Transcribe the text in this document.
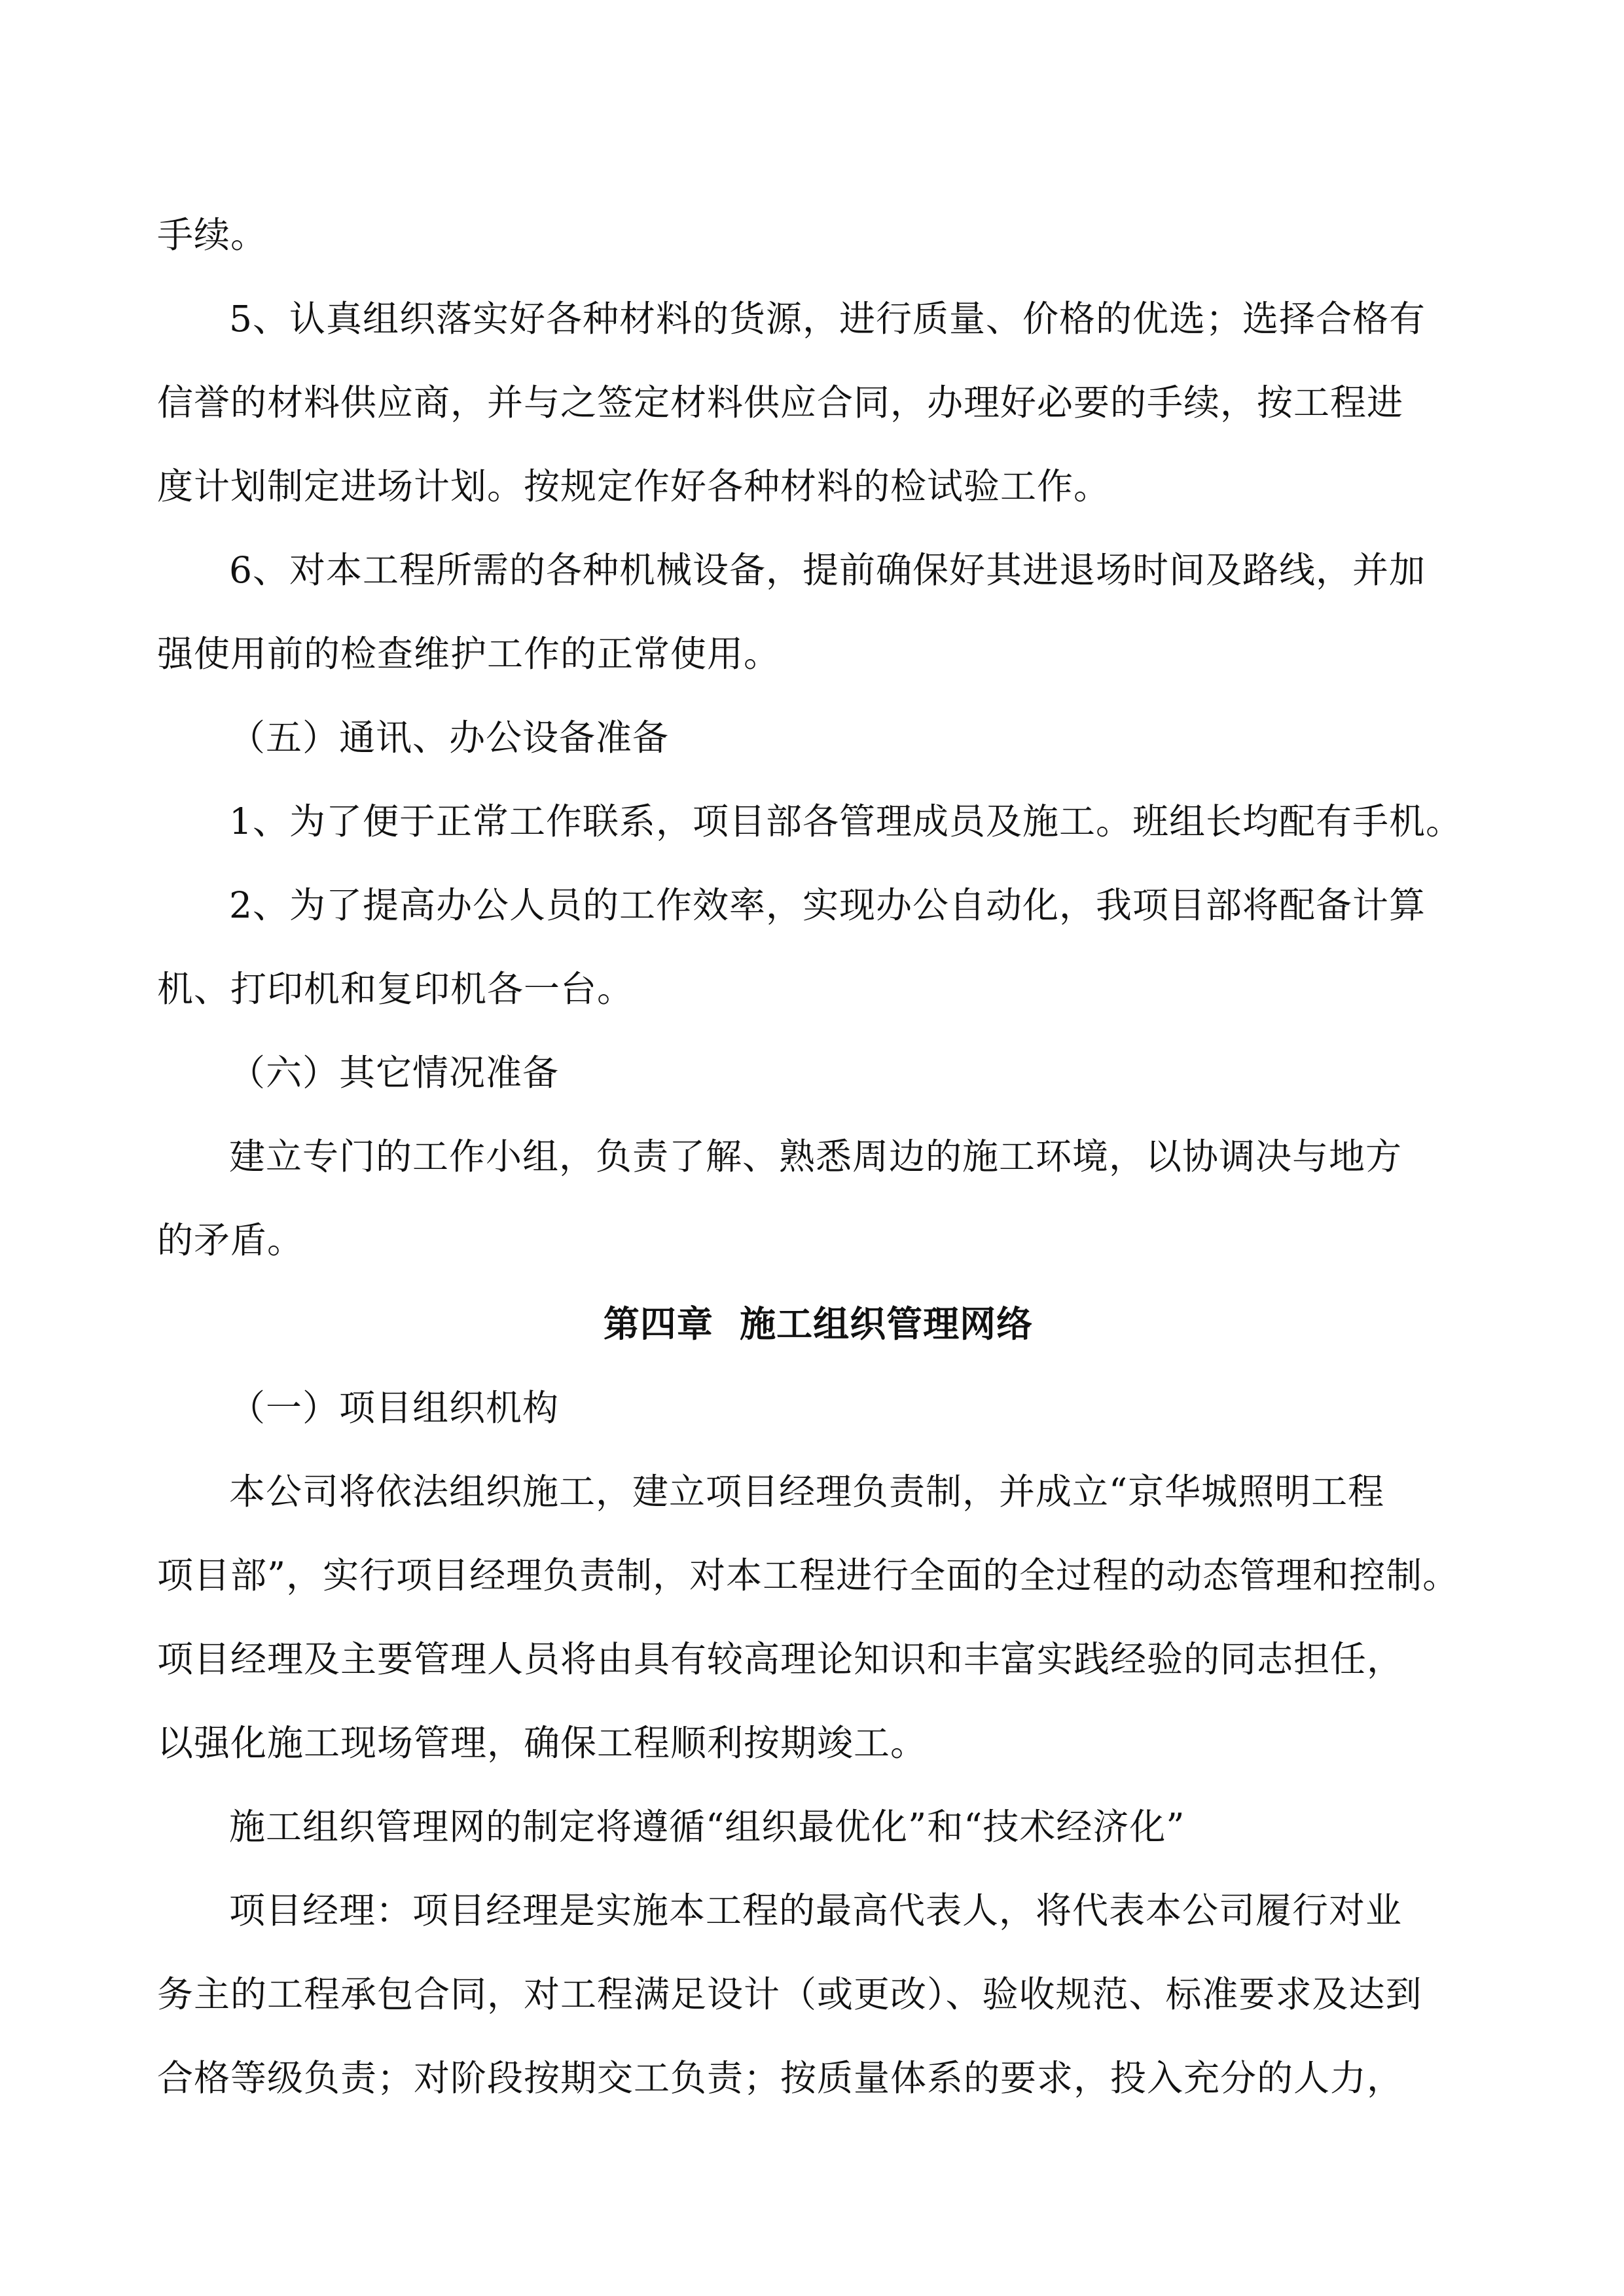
手续。

5、认真组织落实好各种材料的货源，进行质量、价格的优选；选择合格有
信誉的材料供应商，并与之签定材料供应合同，办理好必要的手续，按工程进
度计划制定进场计划。按规定作好各种材料的检试验工作。

6、对本工程所需的各种机械设备，提前确保好其进退场时间及路线，并加
强使用前的检查维护工作的正常使用。

（五）通讯、办公设备准备

1、为了便于正常工作联系，项目部各管理成员及施工。班组长均配有手机。

2、为了提高办公人员的工作效率，实现办公自动化，我项目部将配备计算
机、打印机和复印机各一台。

（六）其它情况准备

建立专门的工作小组，负责了解、熟悉周边的施工环境，以协调决与地方
的矛盾。

第四章  施工组织管理网络

（一）项目组织机构

本公司将依法组织施工，建立项目经理负责制，并成立“京华城照明工程
项目部”，实行项目经理负责制，对本工程进行全面的全过程的动态管理和控制。
项目经理及主要管理人员将由具有较高理论知识和丰富实践经验的同志担任，
以强化施工现场管理，确保工程顺利按期竣工。

施工组织管理网的制定将遵循“组织最优化”和“技术经济化”

项目经理：项目经理是实施本工程的最高代表人，将代表本公司履行对业
务主的工程承包合同，对工程满足设计（或更改）、验收规范、标准要求及达到
合格等级负责；对阶段按期交工负责；按质量体系的要求，投入充分的人力，
